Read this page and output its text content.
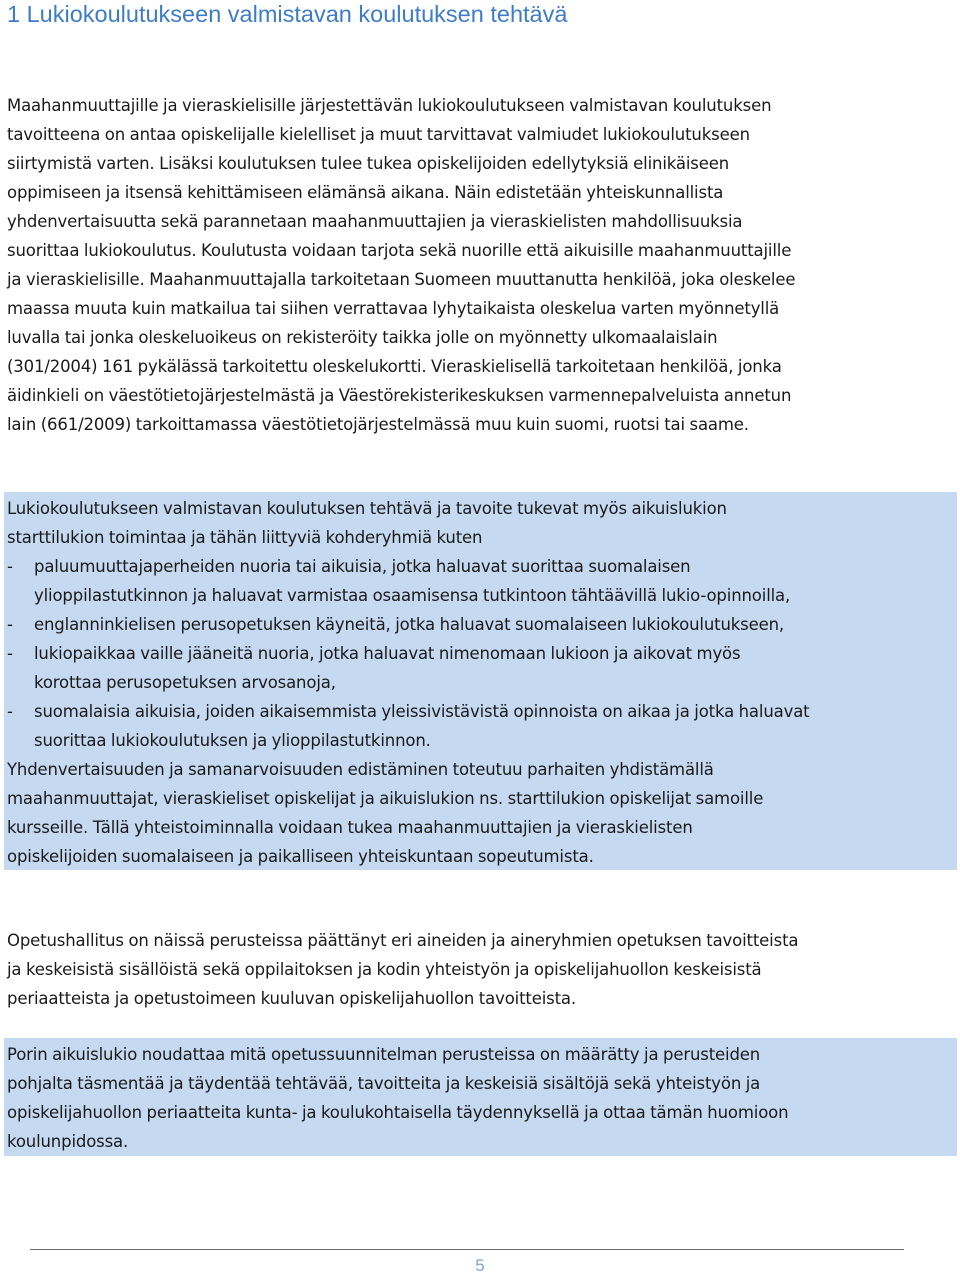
1 Lukiokoulutukseen valmistavan koulutuksen tehtävä

Maahanmuuttajille ja vieraskielisille järjestettävän lukiokoulutukseen valmistavan koulutuksen
tavoitteena on antaa opiskelijalle kielelliset ja muut tarvittavat valmiudet lukiokoulutukseen
siirtymistä varten. Lisäksi koulutuksen tulee tukea opiskelijoiden edellytyksiä elinikäiseen
oppimiseen ja itsensä kehittämiseen elämänsä aikana. Näin edistetään yhteiskunnallista
yhdenvertaisuutta sekä parannetaan maahanmuuttajien ja vieraskielisten mahdollisuuksia
suorittaa lukiokoulutus. Koulutusta voidaan tarjota sekä nuorille että aikuisille maahanmuuttajille
ja vieraskielisille. Maahanmuuttajalla tarkoitetaan Suomeen muuttanutta henkilöä, joka oleskelee
maassa muuta kuin matkailua tai siihen verrattavaa lyhytaikaista oleskelua varten myönnetyllä
luvalla tai jonka oleskeluoikeus on rekisteröity taikka jolle on myönnetty ulkomaalaislain
(301/2004) 161 pykälässä tarkoitettu oleskelukortti. Vieraskielisellä tarkoitetaan henkilöä, jonka
äidinkieli on väestötietojärjestelmästä ja Väestörekisterikeskuksen varmennepalveluista annetun
lain (661/2009) tarkoittamassa väestötietojärjestelmässä muu kuin suomi, ruotsi tai saame.

Lukiokoulutukseen valmistavan koulutuksen tehtävä ja tavoite tukevat myös aikuislukion
starttilukion toimintaa ja tähän liittyviä kohderyhmiä kuten
- paluumuuttajaperheiden nuoria tai aikuisia, jotka haluavat suorittaa suomalaisen
ylioppilastutkinnon ja haluavat varmistaa osaamisensa tutkintoon tähtäävillä lukio-opinnoilla,
- englanninkielisen perusopetuksen käyneitä, jotka haluavat suomalaiseen lukiokoulutukseen,
- lukiopaikkaa vaille jääneitä nuoria, jotka haluavat nimenomaan lukioon ja aikovat myös
korottaa perusopetuksen arvosanoja,
- suomalaisia aikuisia, joiden aikaisemmista yleissivistävistä opinnoista on aikaa ja jotka haluavat
suorittaa lukiokoulutuksen ja ylioppilastutkinnon.
Yhdenvertaisuuden ja samanarvoisuuden edistäminen toteutuu parhaiten yhdistämällä
maahanmuuttajat, vieraskieliset opiskelijat ja aikuislukion ns. starttilukion opiskelijat samoille
kursseille. Tällä yhteistoiminnalla voidaan tukea maahanmuuttajien ja vieraskielisten
opiskelijoiden suomalaiseen ja paikalliseen yhteiskuntaan sopeutumista.

Opetushallitus on näissä perusteissa päättänyt eri aineiden ja aineryhmien opetuksen tavoitteista
ja keskeisistä sisällöistä sekä oppilaitoksen ja kodin yhteistyön ja opiskelijahuollon keskeisistä
periaatteista ja opetustoimeen kuuluvan opiskelijahuollon tavoitteista.

Porin aikuislukio noudattaa mitä opetussuunnitelman perusteissa on määrätty ja perusteiden
pohjalta täsmentää ja täydentää tehtävää, tavoitteita ja keskeisiä sisältöjä sekä yhteistyön ja
opiskelijahuollon periaatteita kunta- ja koulukohtaisella täydennyksellä ja ottaa tämän huomioon
koulunpidossa.

5
